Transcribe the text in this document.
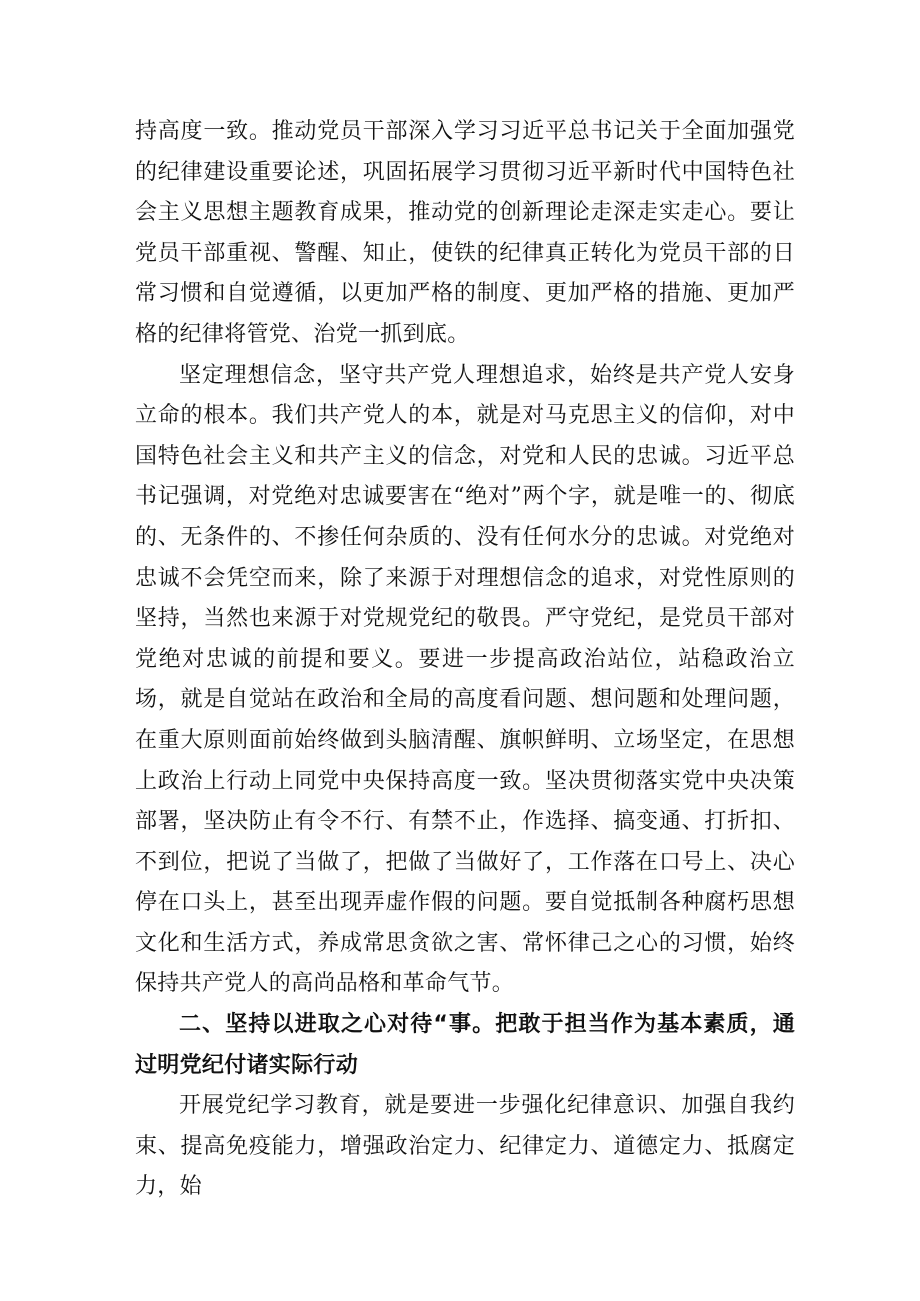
持高度一致。推动党员干部深入学习习近平总书记关于全面加强党的纪律建设重要论述，巩固拓展学习贯彻习近平新时代中国特色社会主义思想主题教育成果，推动党的创新理论走深走实走心。要让党员干部重视、警醒、知止，使铁的纪律真正转化为党员干部的日常习惯和自觉遵循，以更加严格的制度、更加严格的措施、更加严格的纪律将管党、治党一抓到底。

坚定理想信念，坚守共产党人理想追求，始终是共产党人安身立命的根本。我们共产党人的本，就是对马克思主义的信仰，对中国特色社会主义和共产主义的信念，对党和人民的忠诚。习近平总书记强调，对党绝对忠诚要害在“绝对”两个字，就是唯一的、彻底的、无条件的、不掺任何杂质的、没有任何水分的忠诚。对党绝对忠诚不会凭空而来，除了来源于对理想信念的追求，对党性原则的坚持，当然也来源于对党规党纪的敬畏。严守党纪，是党员干部对党绝对忠诚的前提和要义。要进一步提高政治站位，站稳政治立场，就是自觉站在政治和全局的高度看问题、想问题和处理问题，在重大原则面前始终做到头脑清醒、旗帜鲜明、立场坚定，在思想上政治上行动上同党中央保持高度一致。坚决贯彻落实党中央决策部署，坚决防止有令不行、有禁不止，作选择、搞变通、打折扣、不到位，把说了当做了，把做了当做好了，工作落在口号上、决心停在口头上，甚至出现弄虚作假的问题。要自觉抵制各种腐朽思想文化和生活方式，养成常思贪欲之害、常怀律己之心的习惯，始终保持共产党人的高尚品格和革命气节。

二、坚持以进取之心对待“事。把敢于担当作为基本素质，通过明党纪付诸实际行动

开展党纪学习教育，就是要进一步强化纪律意识、加强自我约束、提高免疫能力，增强政治定力、纪律定力、道德定力、抵腐定力，始
